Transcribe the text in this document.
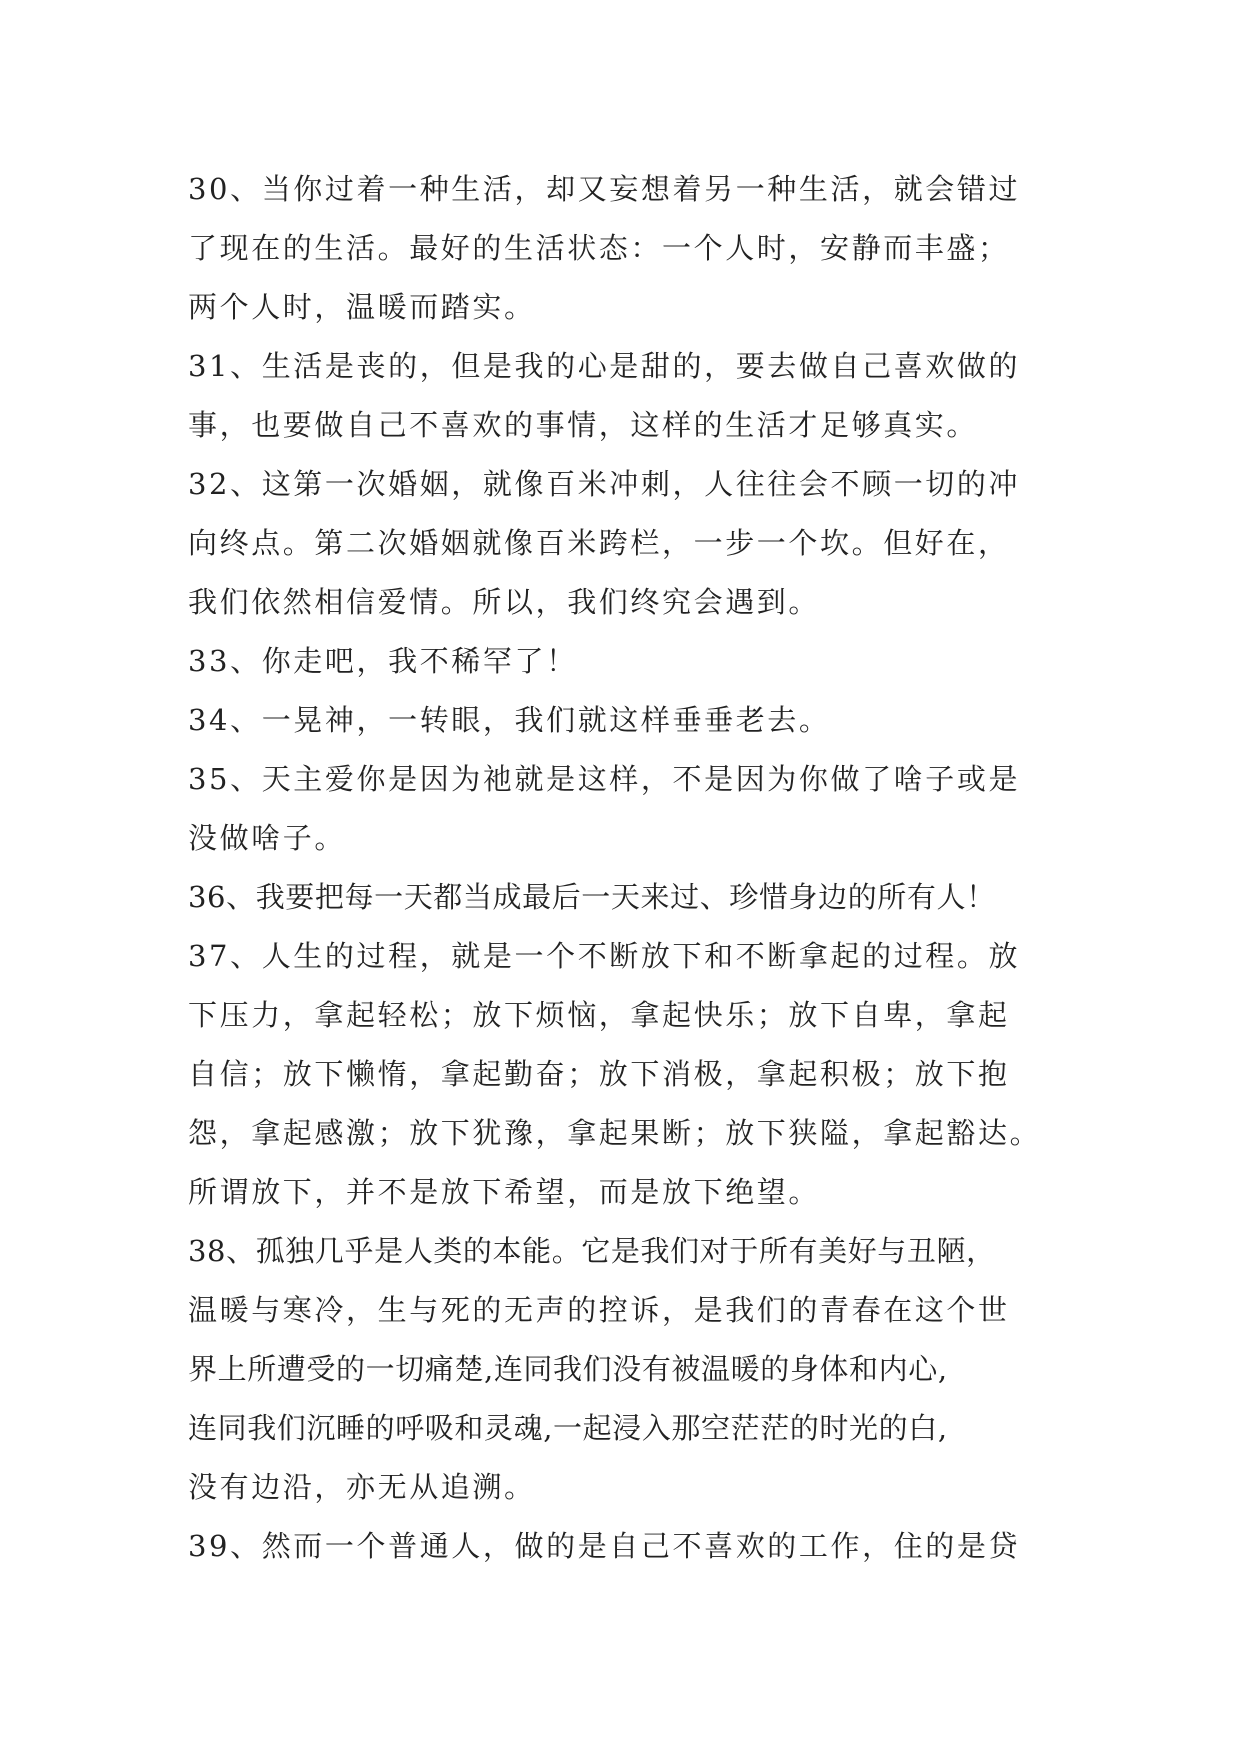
30、当你过着一种生活，却又妄想着另一种生活，就会错过

了现在的生活。最好的生活状态：一个人时，安静而丰盛；

两个人时，温暖而踏实。

31、生活是丧的，但是我的心是甜的，要去做自己喜欢做的

事，也要做自己不喜欢的事情，这样的生活才足够真实。

32、这第一次婚姻，就像百米冲刺，人往往会不顾一切的冲

向终点。第二次婚姻就像百米跨栏，一步一个坎。但好在，

我们依然相信爱情。所以，我们终究会遇到。

33、你走吧，我不稀罕了！

34、一晃神，一转眼，我们就这样垂垂老去。

35、天主爱你是因为祂就是这样，不是因为你做了啥子或是

没做啥子。

36、我要把每一天都当成最后一天来过、珍惜身边的所有人！

37、人生的过程，就是一个不断放下和不断拿起的过程。放

下压力，拿起轻松；放下烦恼，拿起快乐；放下自卑，拿起

自信；放下懒惰，拿起勤奋；放下消极，拿起积极；放下抱

怨，拿起感激；放下犹豫，拿起果断；放下狭隘，拿起豁达。

所谓放下，并不是放下希望，而是放下绝望。

38、孤独几乎是人类的本能。它是我们对于所有美好与丑陋，

温暖与寒冷，生与死的无声的控诉，是我们的青春在这个世

界上所遭受的一切痛楚,连同我们没有被温暖的身体和内心,

连同我们沉睡的呼吸和灵魂,一起浸入那空茫茫的时光的白,

没有边沿，亦无从追溯。

39、然而一个普通人，做的是自己不喜欢的工作，住的是贷
